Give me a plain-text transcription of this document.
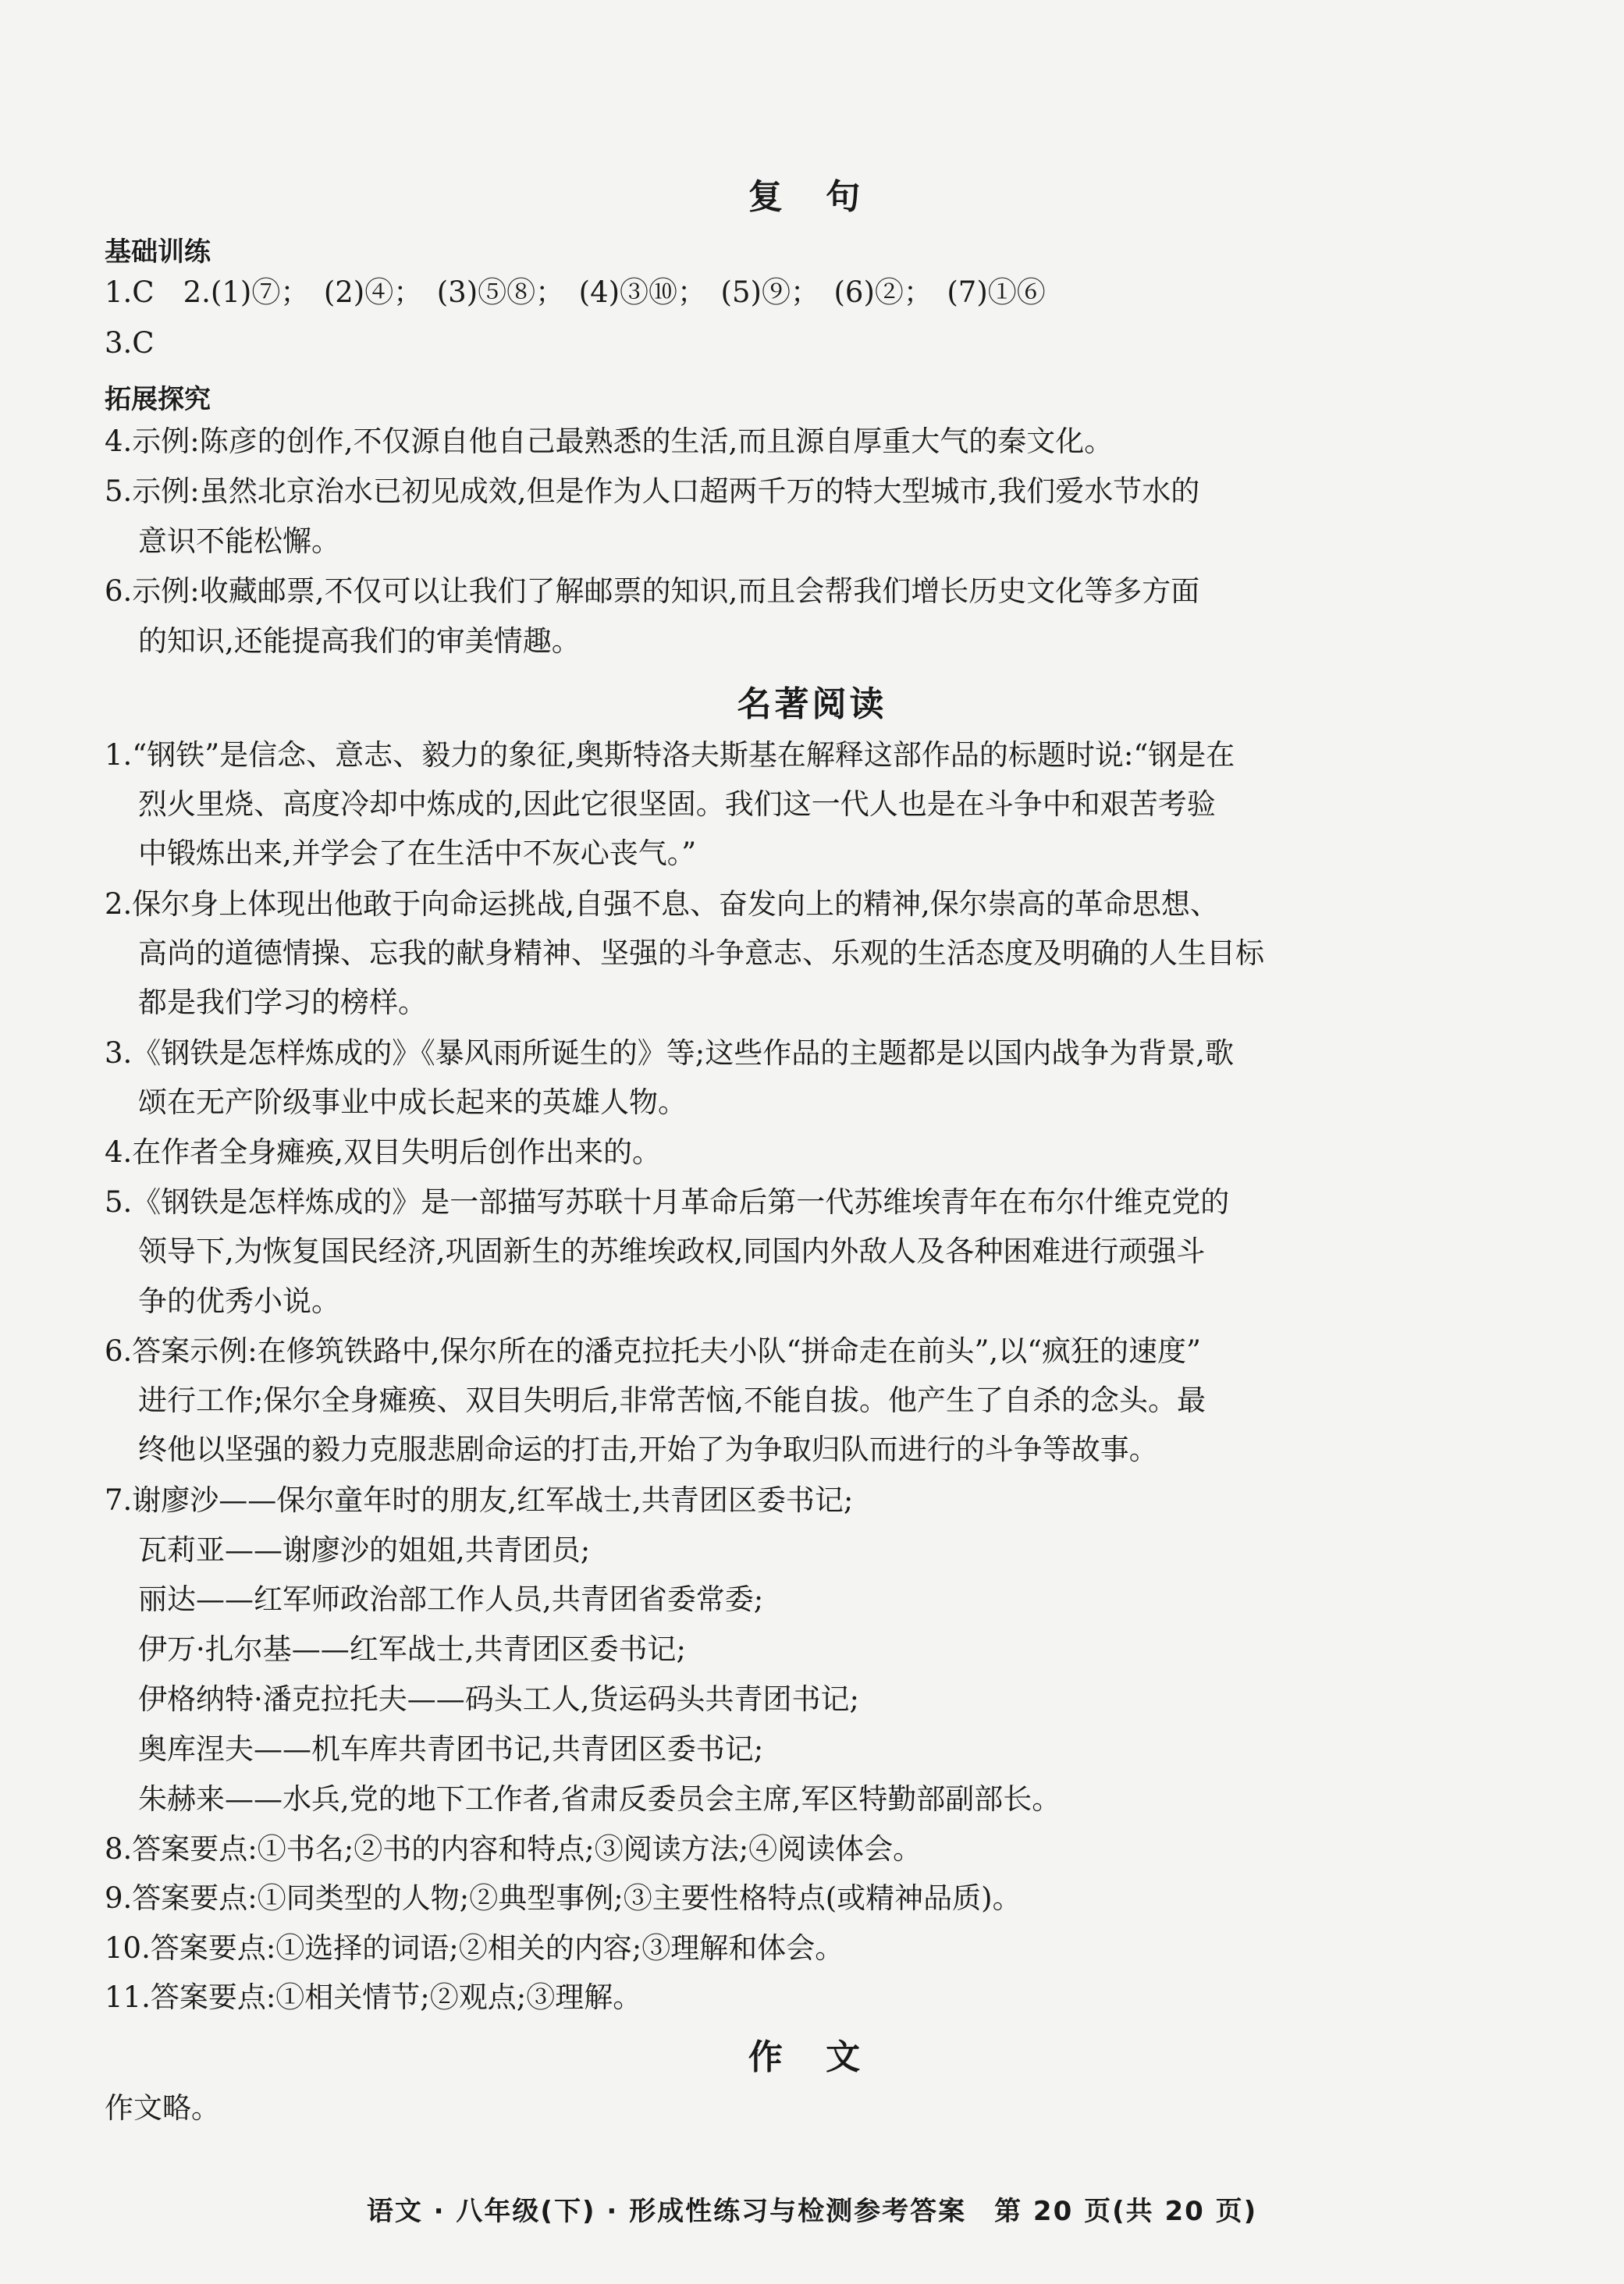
复 句
基础训练
1.C　2.(1)⑦；　(2)④；　(3)⑤⑧；　(4)③⑩；　(5)⑨；　(6)②；　(7)①⑥
3.C
拓展探究
4.示例:陈彦的创作,不仅源自他自己最熟悉的生活,而且源自厚重大气的秦文化。
5.示例:虽然北京治水已初见成效,但是作为人口超两千万的特大型城市,我们爱水节水的
意识不能松懈。
6.示例:收藏邮票,不仅可以让我们了解邮票的知识,而且会帮我们增长历史文化等多方面
的知识,还能提高我们的审美情趣。
名著阅读
1.“钢铁”是信念、意志、毅力的象征,奥斯特洛夫斯基在解释这部作品的标题时说:“钢是在
烈火里烧、高度冷却中炼成的,因此它很坚固。我们这一代人也是在斗争中和艰苦考验
中锻炼出来,并学会了在生活中不灰心丧气。”
2.保尔身上体现出他敢于向命运挑战,自强不息、奋发向上的精神,保尔崇高的革命思想、
高尚的道德情操、忘我的献身精神、坚强的斗争意志、乐观的生活态度及明确的人生目标
都是我们学习的榜样。
3.《钢铁是怎样炼成的》《暴风雨所诞生的》等;这些作品的主题都是以国内战争为背景,歌
颂在无产阶级事业中成长起来的英雄人物。
4.在作者全身瘫痪,双目失明后创作出来的。
5.《钢铁是怎样炼成的》是一部描写苏联十月革命后第一代苏维埃青年在布尔什维克党的
领导下,为恢复国民经济,巩固新生的苏维埃政权,同国内外敌人及各种困难进行顽强斗
争的优秀小说。
6.答案示例:在修筑铁路中,保尔所在的潘克拉托夫小队“拼命走在前头”,以“疯狂的速度”
进行工作;保尔全身瘫痪、双目失明后,非常苦恼,不能自拔。他产生了自杀的念头。最
终他以坚强的毅力克服悲剧命运的打击,开始了为争取归队而进行的斗争等故事。
7.谢廖沙——保尔童年时的朋友,红军战士,共青团区委书记;
瓦莉亚——谢廖沙的姐姐,共青团员;
丽达——红军师政治部工作人员,共青团省委常委;
伊万·扎尔基——红军战士,共青团区委书记;
伊格纳特·潘克拉托夫——码头工人,货运码头共青团书记;
奥库涅夫——机车库共青团书记,共青团区委书记;
朱赫来——水兵,党的地下工作者,省肃反委员会主席,军区特勤部副部长。
8.答案要点:①书名;②书的内容和特点;③阅读方法;④阅读体会。
9.答案要点:①同类型的人物;②典型事例;③主要性格特点(或精神品质)。
10.答案要点:①选择的词语;②相关的内容;③理解和体会。
11.答案要点:①相关情节;②观点;③理解。
作 文
作文略。
语文 · 八年级(下) · 形成性练习与检测参考答案　第 20 页(共 20 页)
